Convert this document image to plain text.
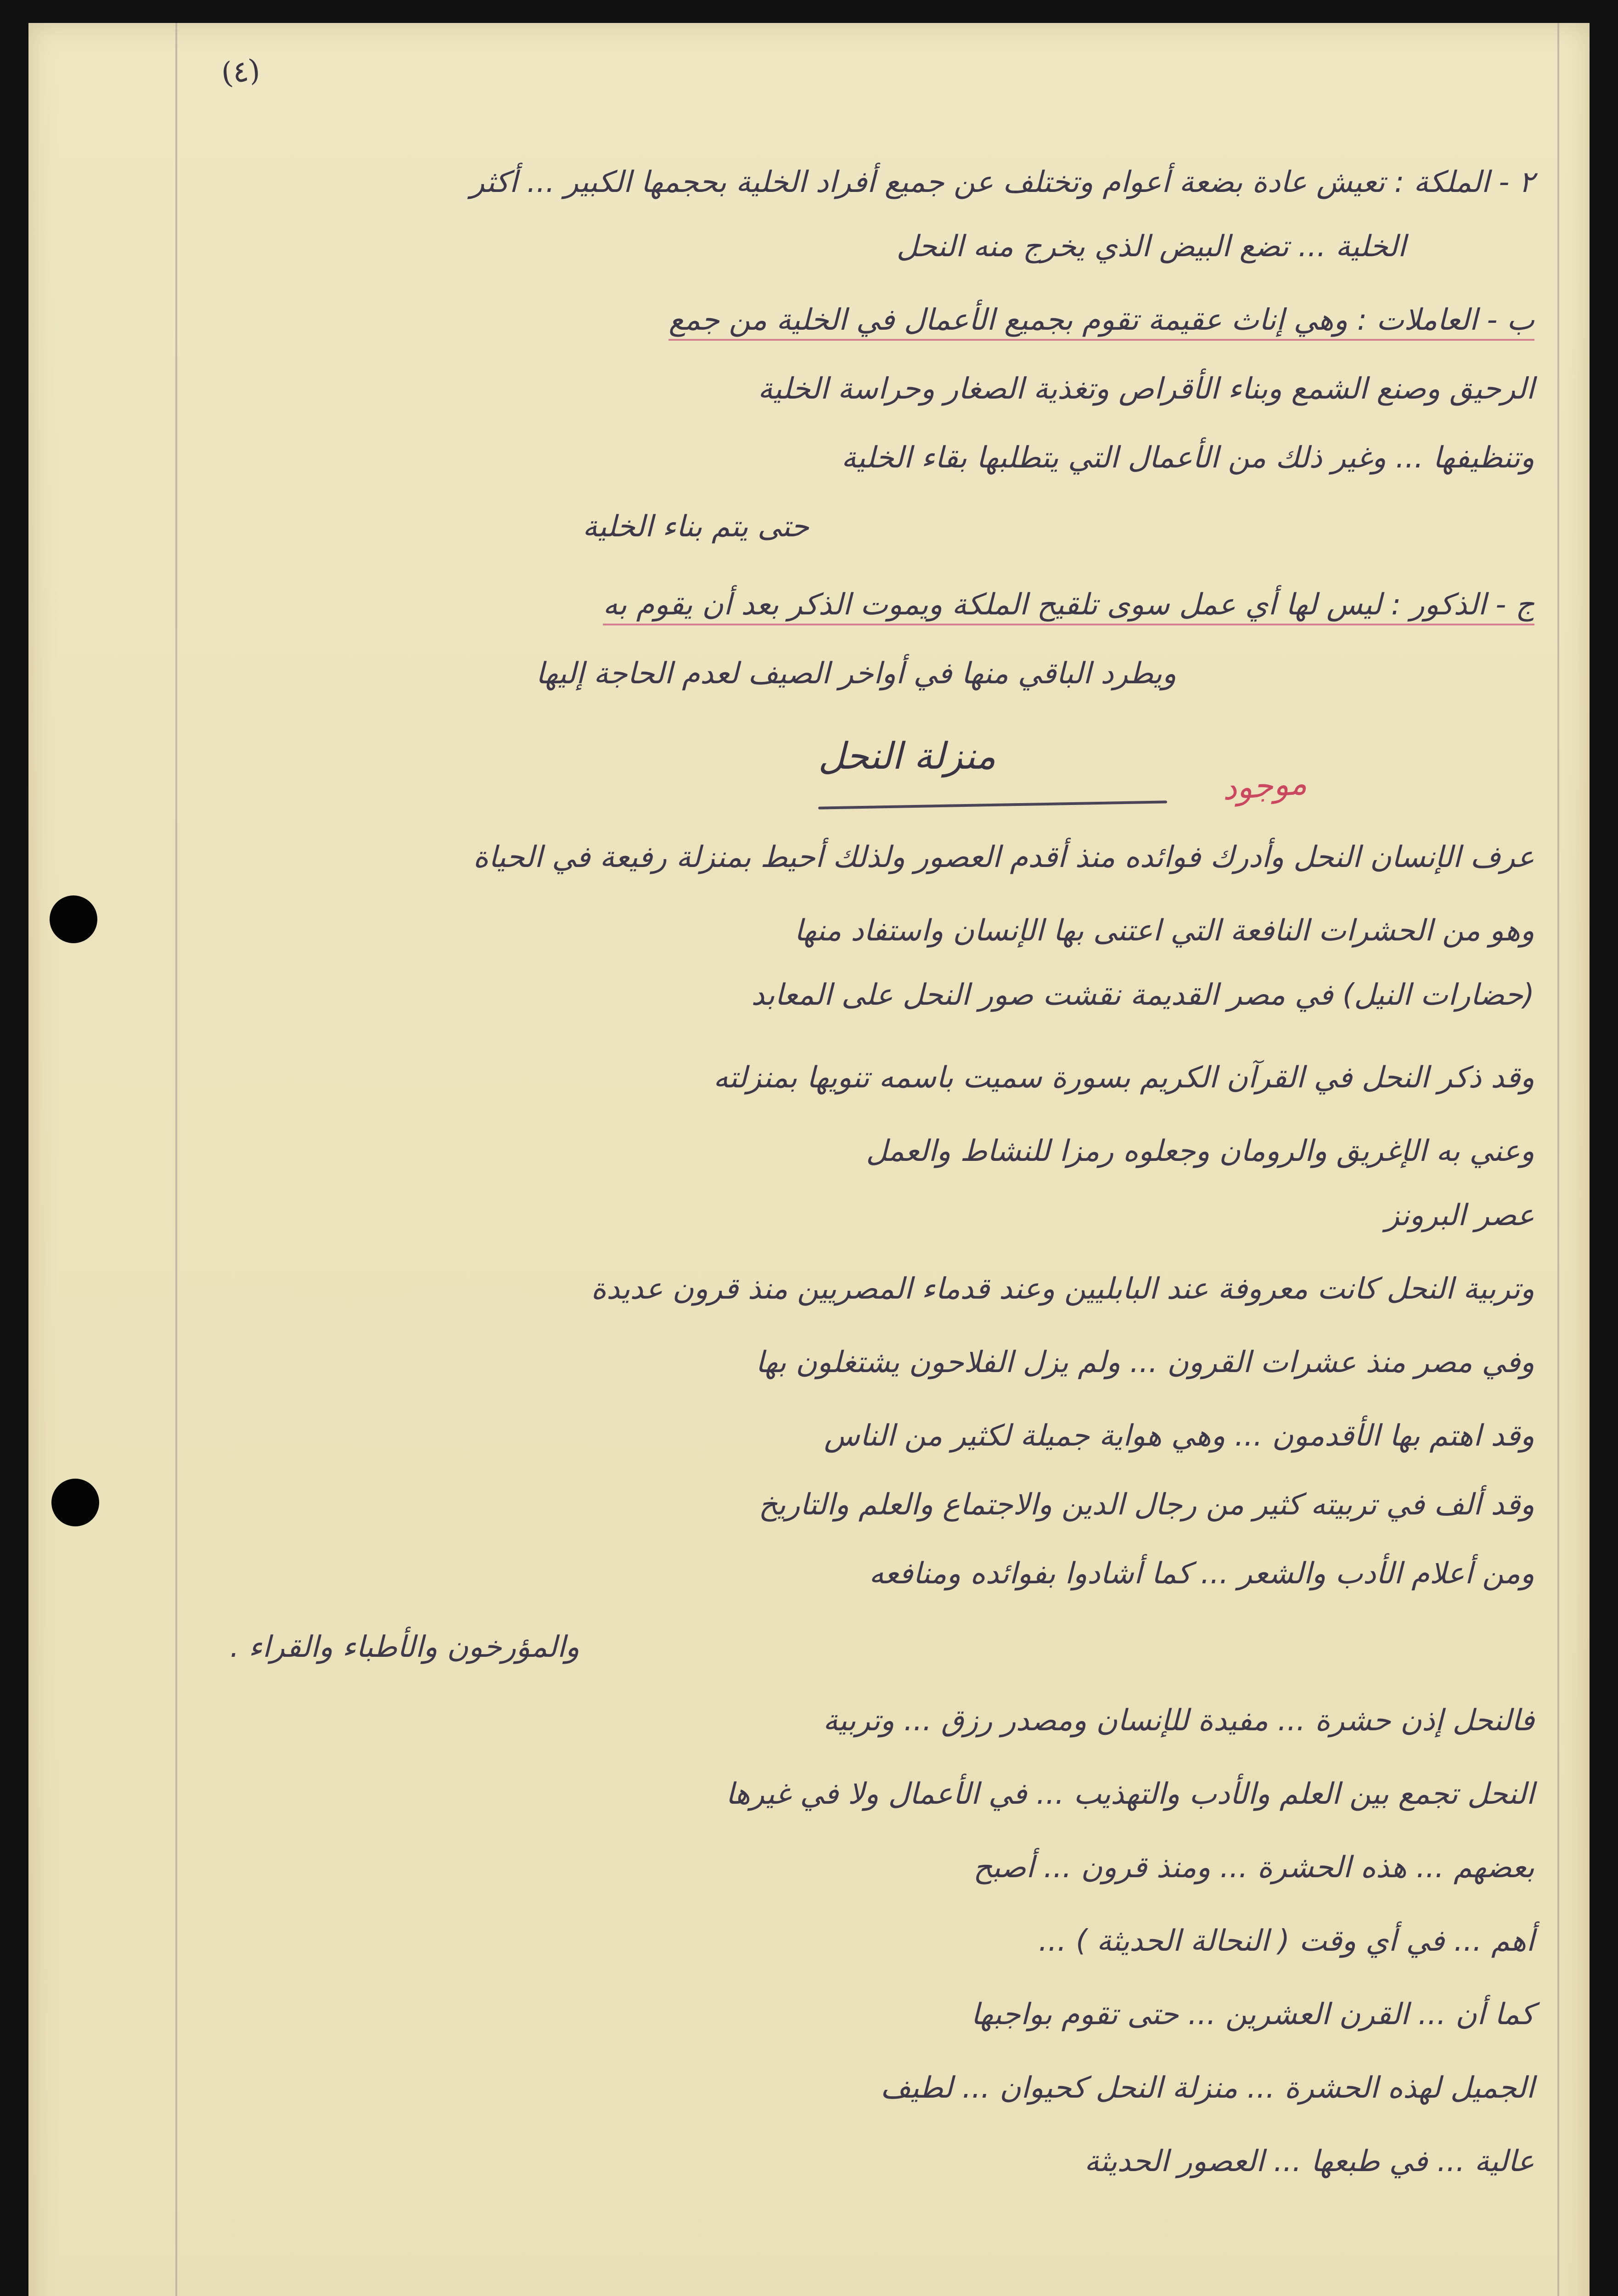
(٤)
٢ - الملكة : تعيش عادة بضعة أعوام وتختلف عن جميع أفراد الخلية بحجمها الكبير ... أكثر
الخلية ... تضع البيض الذي يخرج منه النحل
ب - العاملات : وهي إناث عقيمة تقوم بجميع الأعمال في الخلية من جمع
الرحيق وصنع الشمع وبناء الأقراص وتغذية الصغار وحراسة الخلية
وتنظيفها ... وغير ذلك من الأعمال التي يتطلبها بقاء الخلية
حتى يتم بناء الخلية
ج - الذكور : ليس لها أي عمل سوى تلقيح الملكة ويموت الذكر بعد أن يقوم به
ويطرد الباقي منها في أواخر الصيف لعدم الحاجة إليها
منزلة النحل
موجود
عرف الإنسان النحل وأدرك فوائده منذ أقدم العصور ولذلك أحيط بمنزلة رفيعة في الحياة
وهو من الحشرات النافعة التي اعتنى بها الإنسان واستفاد منها
(حضارات النيل) في مصر القديمة نقشت صور النحل على المعابد
وقد ذكر النحل في القرآن الكريم بسورة سميت باسمه تنويها بمنزلته
وعني به الإغريق والرومان وجعلوه رمزا للنشاط والعمل
عصر البرونز
وتربية النحل كانت معروفة عند البابليين وعند قدماء المصريين منذ قرون عديدة
وفي مصر منذ عشرات القرون ... ولم يزل الفلاحون يشتغلون بها
وقد اهتم بها الأقدمون ... وهي هواية جميلة لكثير من الناس
وقد ألف في تربيته كثير من رجال الدين والاجتماع والعلم والتاريخ
ومن أعلام الأدب والشعر ... كما أشادوا بفوائده ومنافعه
والمؤرخون والأطباء والقراء .
فالنحل إذن حشرة ... مفيدة للإنسان ومصدر رزق ... وتربية
النحل تجمع بين العلم والأدب والتهذيب ... في الأعمال ولا في غيرها
بعضهم ... هذه الحشرة ... ومنذ قرون ... أصبح
أهم ... في أي وقت ( النحالة الحديثة ) ...
كما أن ... القرن العشرين ... حتى تقوم بواجبها
الجميل لهذه الحشرة ... منزلة النحل كحيوان ... لطيف
عالية ... في طبعها ... العصور الحديثة
